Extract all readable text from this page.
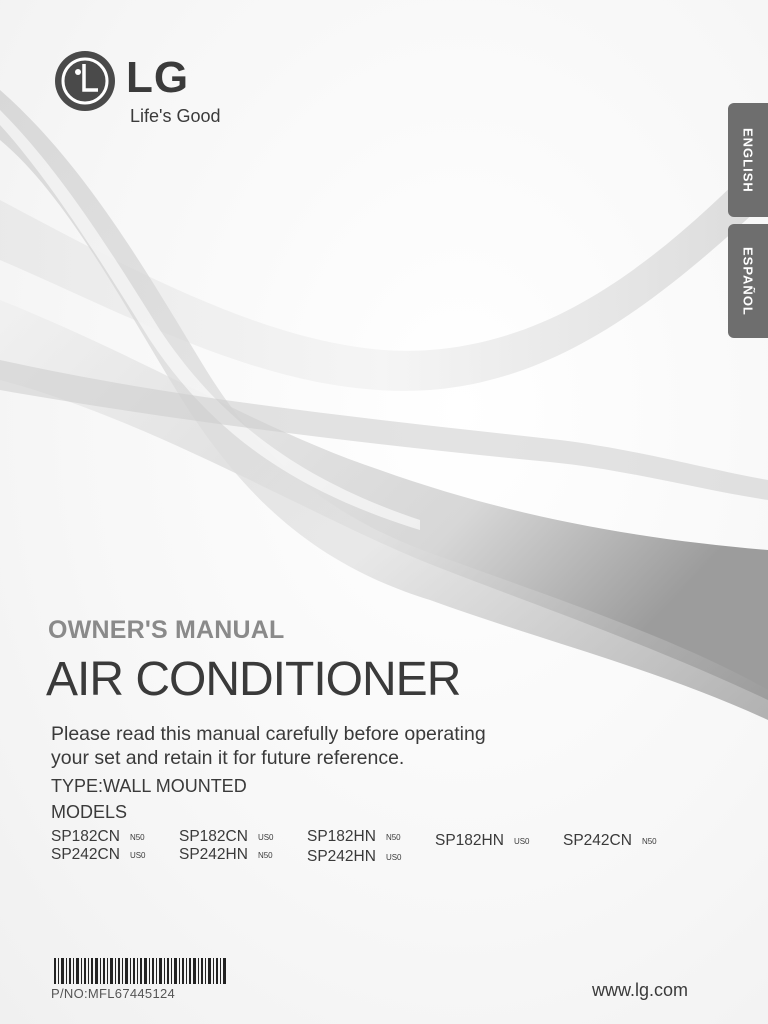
LG
Life's Good
ENGLISH
ESPAÑOL
OWNER'S MANUAL
AIR CONDITIONER
Please read this manual carefully before operating
your set and retain it for future reference.
TYPE:WALL MOUNTED
MODELS
SP182CN N50 SP182CN US0 SP182HN N50 SP182HN US0 SP242CN N50
SP242CN US0 SP242HN N50 SP242HN US0
P/NO:MFL67445124	www.lg.com
